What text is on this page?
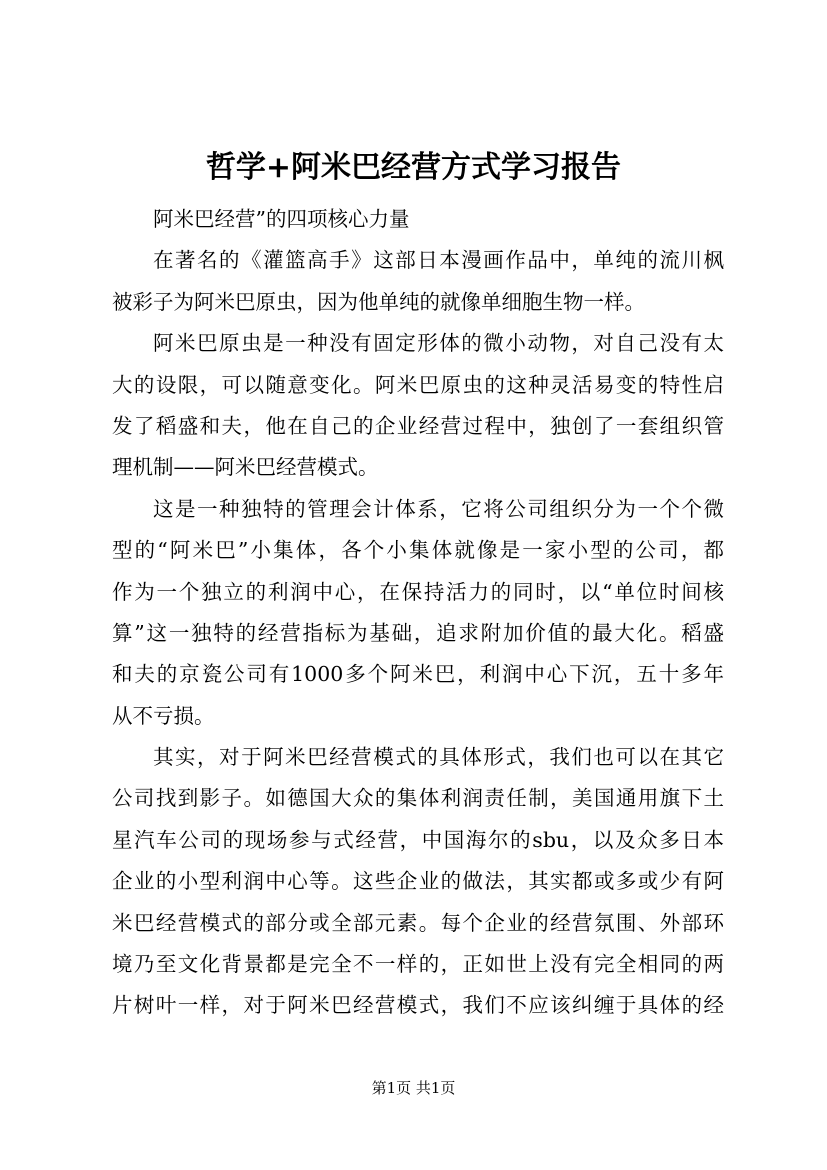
哲学+阿米巴经营方式学习报告

阿米巴经营”的四项核心力量

在著名的《灌篮高手》这部日本漫画作品中，单纯的流川枫
被彩子为阿米巴原虫，因为他单纯的就像单细胞生物一样。

阿米巴原虫是一种没有固定形体的微小动物，对自己没有太
大的设限，可以随意变化。阿米巴原虫的这种灵活易变的特性启
发了稻盛和夫，他在自己的企业经营过程中，独创了一套组织管
理机制——阿米巴经营模式。

这是一种独特的管理会计体系，它将公司组织分为一个个微
型的“阿米巴”小集体，各个小集体就像是一家小型的公司，都
作为一个独立的利润中心，在保持活力的同时，以“单位时间核
算”这一独特的经营指标为基础，追求附加价值的最大化。稻盛
和夫的京瓷公司有1000多个阿米巴，利润中心下沉，五十多年
从不亏损。

其实，对于阿米巴经营模式的具体形式，我们也可以在其它
公司找到影子。如德国大众的集体利润责任制，美国通用旗下土
星汽车公司的现场参与式经营，中国海尔的sbu，以及众多日本
企业的小型利润中心等。这些企业的做法，其实都或多或少有阿
米巴经营模式的部分或全部元素。每个企业的经营氛围、外部环
境乃至文化背景都是完全不一样的，正如世上没有完全相同的两
片树叶一样，对于阿米巴经营模式，我们不应该纠缠于具体的经

第1页 共1页
